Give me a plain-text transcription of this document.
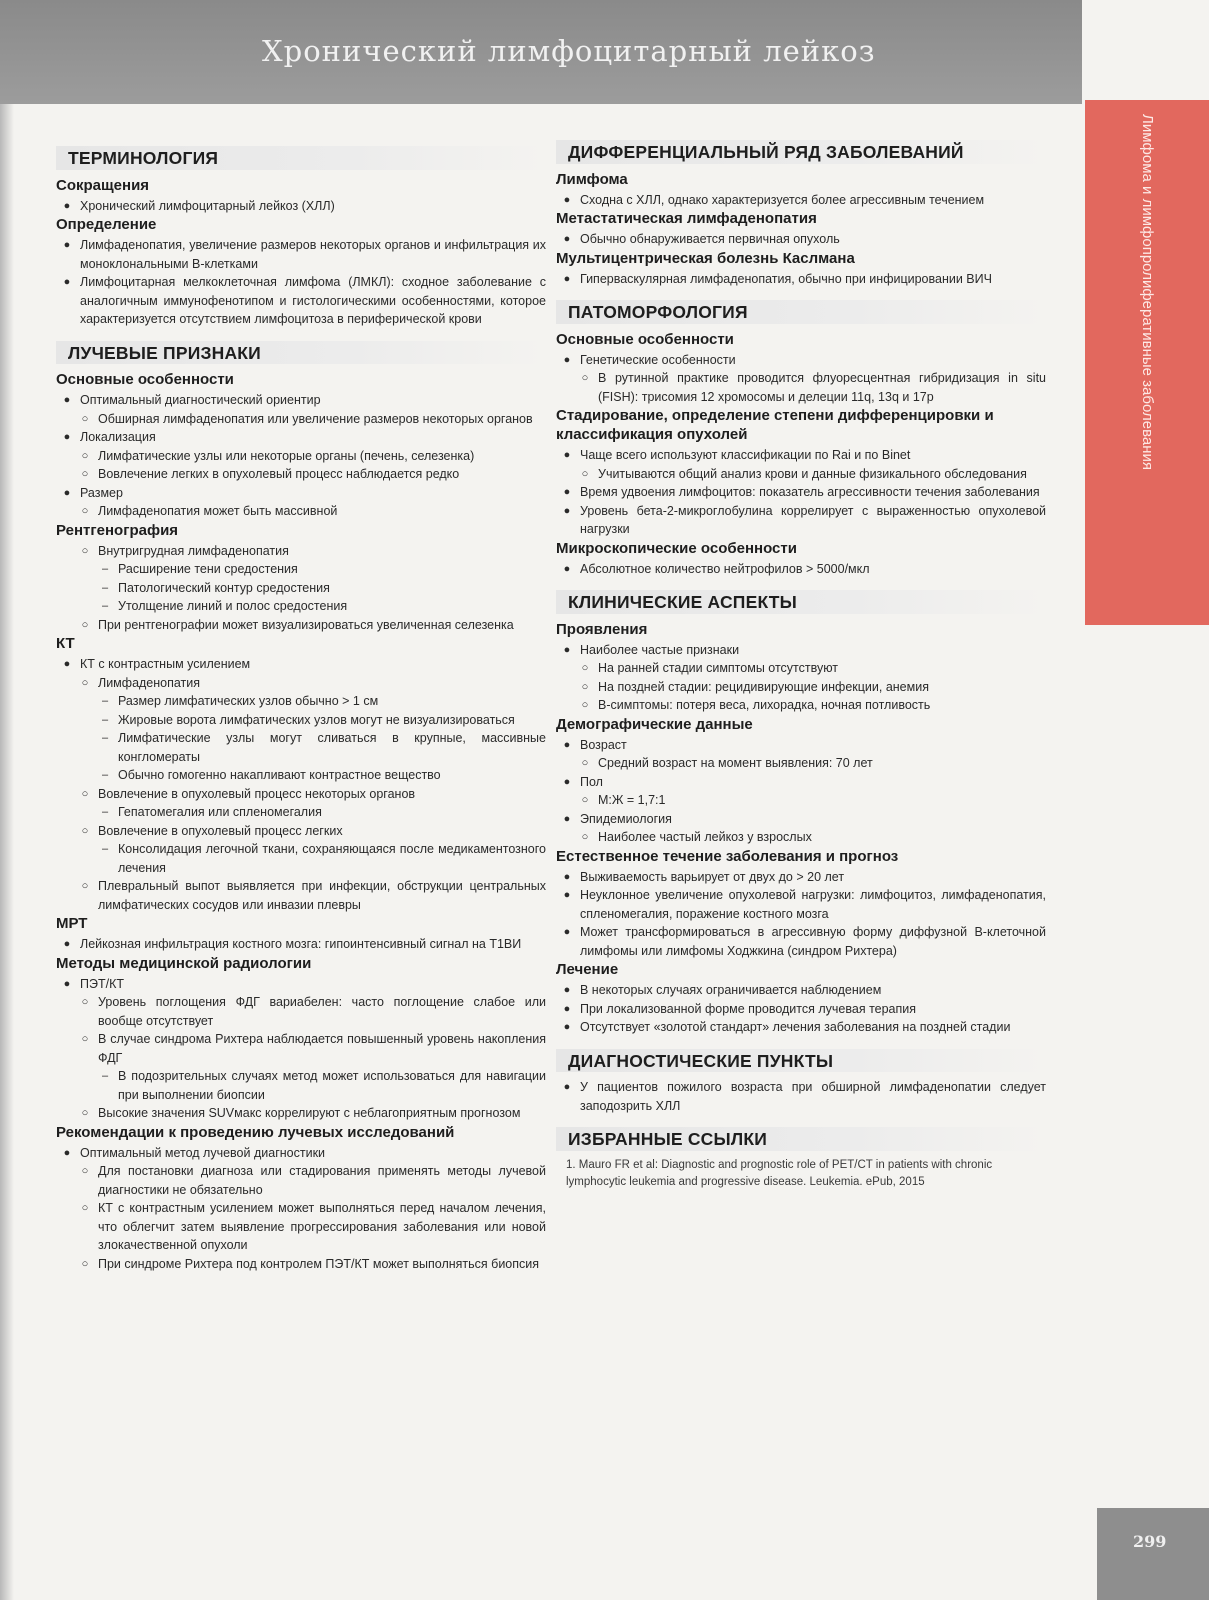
Хронический лимфоцитарный лейкоз
Лимфома и лимфопролиферативные заболевания
299
ТЕРМИНОЛОГИЯ
Сокращения
● Хронический лимфоцитарный лейкоз (ХЛЛ)
Определение
● Лимфаденопатия, увеличение размеров некоторых органов и инфильтрация их моноклональными В-клетками
● Лимфоцитарная мелкоклеточная лимфома (ЛМКЛ): сходное заболевание с аналогичным иммунофенотипом и гистологическими особенностями, которое характеризуется отсутствием лимфоцитоза в периферической крови
ЛУЧЕВЫЕ ПРИЗНАКИ
Основные особенности
● Оптимальный диагностический ориентир
○ Обширная лимфаденопатия или увеличение размеров некоторых органов
● Локализация
○ Лимфатические узлы или некоторые органы (печень, селезенка)
○ Вовлечение легких в опухолевый процесс наблюдается редко
● Размер
○ Лимфаденопатия может быть массивной
Рентгенография
○ Внутригрудная лимфаденопатия
– Расширение тени средостения
– Патологический контур средостения
– Утолщение линий и полос средостения
○ При рентгенографии может визуализироваться увеличенная селезенка
КТ
● КТ с контрастным усилением
○ Лимфаденопатия
– Размер лимфатических узлов обычно > 1 см
– Жировые ворота лимфатических узлов могут не визуализироваться
– Лимфатические узлы могут сливаться в крупные, массивные конгломераты
– Обычно гомогенно накапливают контрастное вещество
○ Вовлечение в опухолевый процесс некоторых органов
– Гепатомегалия или спленомегалия
○ Вовлечение в опухолевый процесс легких
– Консолидация легочной ткани, сохраняющаяся после медикаментозного лечения
○ Плевральный выпот выявляется при инфекции, обструкции центральных лимфатических сосудов или инвазии плевры
МРТ
● Лейкозная инфильтрация костного мозга: гипоинтенсивный сигнал на Т1ВИ
Методы медицинской радиологии
● ПЭТ/КТ
○ Уровень поглощения ФДГ вариабелен: часто поглощение слабое или вообще отсутствует
○ В случае синдрома Рихтера наблюдается повышенный уровень накопления ФДГ
– В подозрительных случаях метод может использоваться для навигации при выполнении биопсии
○ Высокие значения SUVмакс коррелируют с неблагоприятным прогнозом
Рекомендации к проведению лучевых исследований
● Оптимальный метод лучевой диагностики
○ Для постановки диагноза или стадирования применять методы лучевой диагностики не обязательно
○ КТ с контрастным усилением может выполняться перед началом лечения, что облегчит затем выявление прогрессирования заболевания или новой злокачественной опухоли
○ При синдроме Рихтера под контролем ПЭТ/КТ может выполняться биопсия
ДИФФЕРЕНЦИАЛЬНЫЙ РЯД ЗАБОЛЕВАНИЙ
Лимфома
● Сходна с ХЛЛ, однако характеризуется более агрессивным течением
Метастатическая лимфаденопатия
● Обычно обнаруживается первичная опухоль
Мультицентрическая болезнь Каслмана
● Гиперваскулярная лимфаденопатия, обычно при инфицировании ВИЧ
ПАТОМОРФОЛОГИЯ
Основные особенности
● Генетические особенности
○ В рутинной практике проводится флуоресцентная гибридизация in situ (FISH): трисомия 12 хромосомы и делеции 11q, 13q и 17р
Стадирование, определение степени дифференцировки и классификация опухолей
● Чаще всего используют классификации по Rai и по Binet
○ Учитываются общий анализ крови и данные физикального обследования
● Время удвоения лимфоцитов: показатель агрессивности течения заболевания
● Уровень бета-2-микроглобулина коррелирует с выраженностью опухолевой нагрузки
Микроскопические особенности
● Абсолютное количество нейтрофилов > 5000/мкл
КЛИНИЧЕСКИЕ АСПЕКТЫ
Проявления
● Наиболее частые признаки
○ На ранней стадии симптомы отсутствуют
○ На поздней стадии: рецидивирующие инфекции, анемия
○ В-симптомы: потеря веса, лихорадка, ночная потливость
Демографические данные
● Возраст
○ Средний возраст на момент выявления: 70 лет
● Пол
○ М:Ж = 1,7:1
● Эпидемиология
○ Наиболее частый лейкоз у взрослых
Естественное течение заболевания и прогноз
● Выживаемость варьирует от двух до > 20 лет
● Неуклонное увеличение опухолевой нагрузки: лимфоцитоз, лимфаденопатия, спленомегалия, поражение костного мозга
● Может трансформироваться в агрессивную форму диффузной В-клеточной лимфомы или лимфомы Ходжкина (синдром Рихтера)
Лечение
● В некоторых случаях ограничивается наблюдением
● При локализованной форме проводится лучевая терапия
● Отсутствует «золотой стандарт» лечения заболевания на поздней стадии
ДИАГНОСТИЧЕСКИЕ ПУНКТЫ
● У пациентов пожилого возраста при обширной лимфаденопатии следует заподозрить ХЛЛ
ИЗБРАННЫЕ ССЫЛКИ
1. Mauro FR et al: Diagnostic and prognostic role of PET/CT in patients with chronic lymphocytic leukemia and progressive disease. Leukemia. ePub, 2015
